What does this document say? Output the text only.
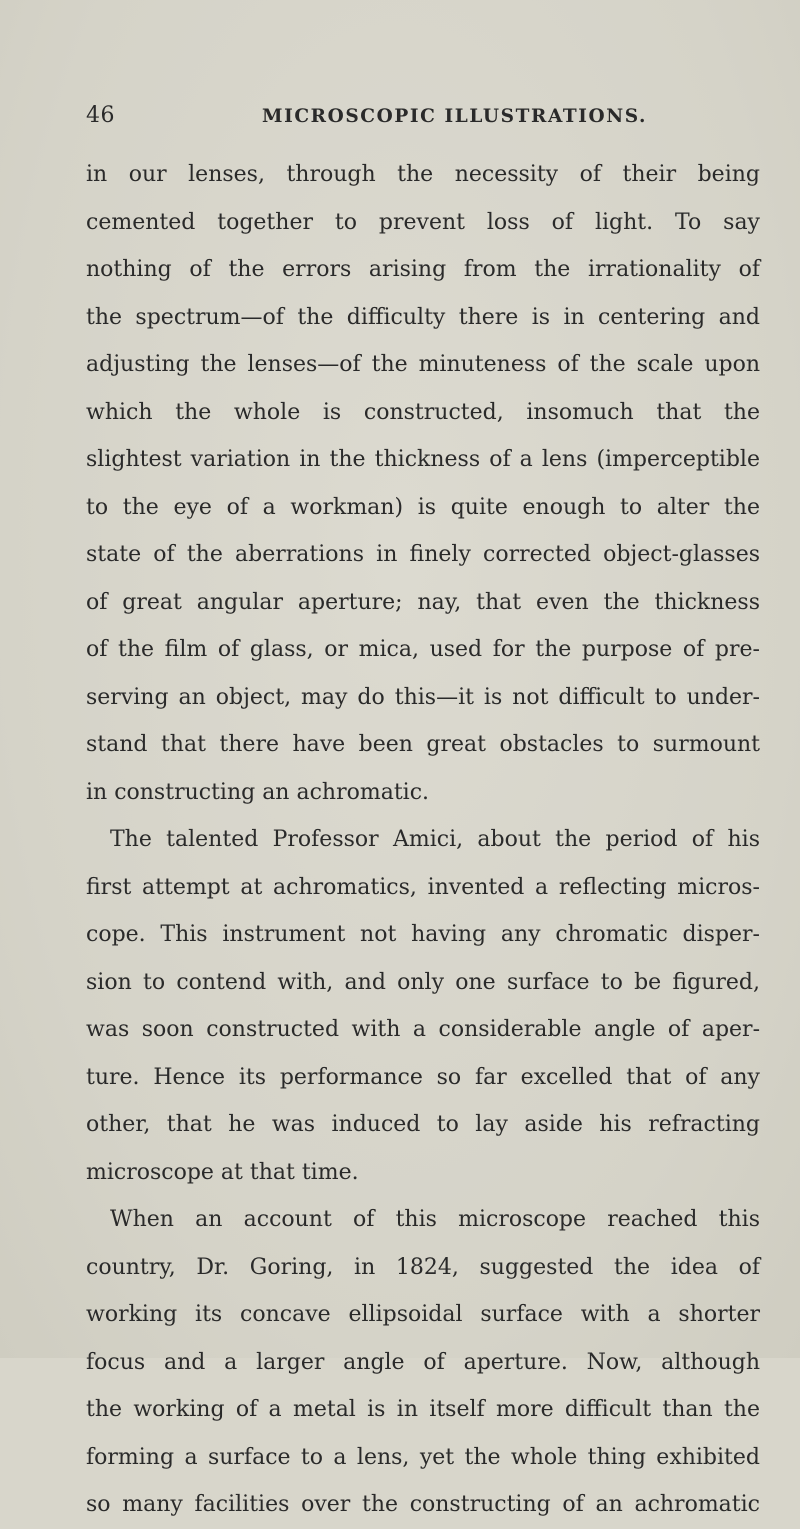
46	MICROSCOPIC ILLUSTRATIONS.
in our lenses, through the necessity of their being
cemented together to prevent loss of light. To say
nothing of the errors arising from the irrationality of
the spectrum—of the difficulty there is in centering and
adjusting the lenses—of the minuteness of the scale upon
which the whole is constructed, insomuch that the
slightest variation in the thickness of a lens (imperceptible
to the eye of a workman) is quite enough to alter the
state of the aberrations in finely corrected object-glasses
of great angular aperture; nay, that even the thickness
of the film of glass, or mica, used for the purpose of pre-
serving an object, may do this—it is not difficult to under-
stand that there have been great obstacles to surmount
in constructing an achromatic.
The talented Professor Amici, about the period of his
first attempt at achromatics, invented a reflecting micros-
cope. This instrument not having any chromatic disper-
sion to contend with, and only one surface to be figured,
was soon constructed with a considerable angle of aper-
ture. Hence its performance so far excelled that of any
other, that he was induced to lay aside his refracting
microscope at that time.
When an account of this microscope reached this
country, Dr. Goring, in 1824, suggested the idea of
working its concave ellipsoidal surface with a shorter
focus and a larger angle of aperture. Now, although
the working of a metal is in itself more difficult than the
forming a surface to a lens, yet the whole thing exhibited
so many facilities over the constructing of an achromatic
